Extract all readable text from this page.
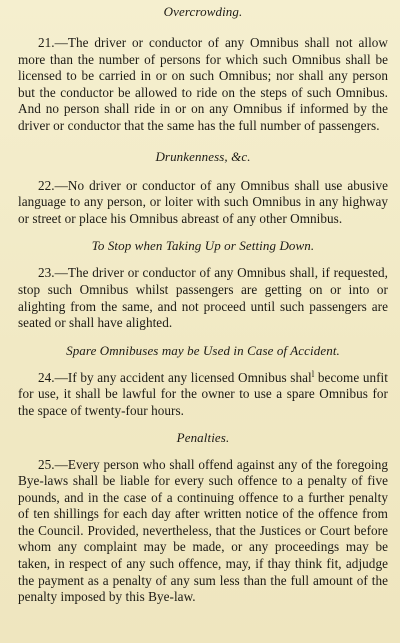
Overcrowding.

21.—The driver or conductor of any Omnibus shall not allow more than the number of persons for which such Omnibus shall be licensed to be carried in or on such Omnibus; nor shall any person but the conductor be allowed to ride on the steps of such Omnibus. And no person shall ride in or on any Omnibus if informed by the driver or conductor that the same has the full number of passengers.

Drunkenness, &c.

22.—No driver or conductor of any Omnibus shall use abusive language to any person, or loiter with such Omnibus in any highway or street or place his Omnibus abreast of any other Omnibus.

To Stop when Taking Up or Setting Down.

23.—The driver or conductor of any Omnibus shall, if requested, stop such Omnibus whilst passengers are getting on or into or alighting from the same, and not proceed until such passengers are seated or shall have alighted.

Spare Omnibuses may be Used in Case of Accident.

24.—If by any accident any licensed Omnibus shal$^l$ become unfit for use, it shall be lawful for the owner to use a spare Omnibus for the space of twenty-four hours.

Penalties.

25.—Every person who shall offend against any of the foregoing Bye-laws shall be liable for every such offence to a penalty of five pounds, and in the case of a continuing offence to a further penalty of ten shillings for each day after written notice of the offence from the Council. Provided, nevertheless, that the Justices or Court before whom any complaint may be made, or any proceedings may be taken, in respect of any such offence, may, if thay think fit, adjudge the payment as a penalty of any sum less than the full amount of the penalty imposed by this Bye-law.
